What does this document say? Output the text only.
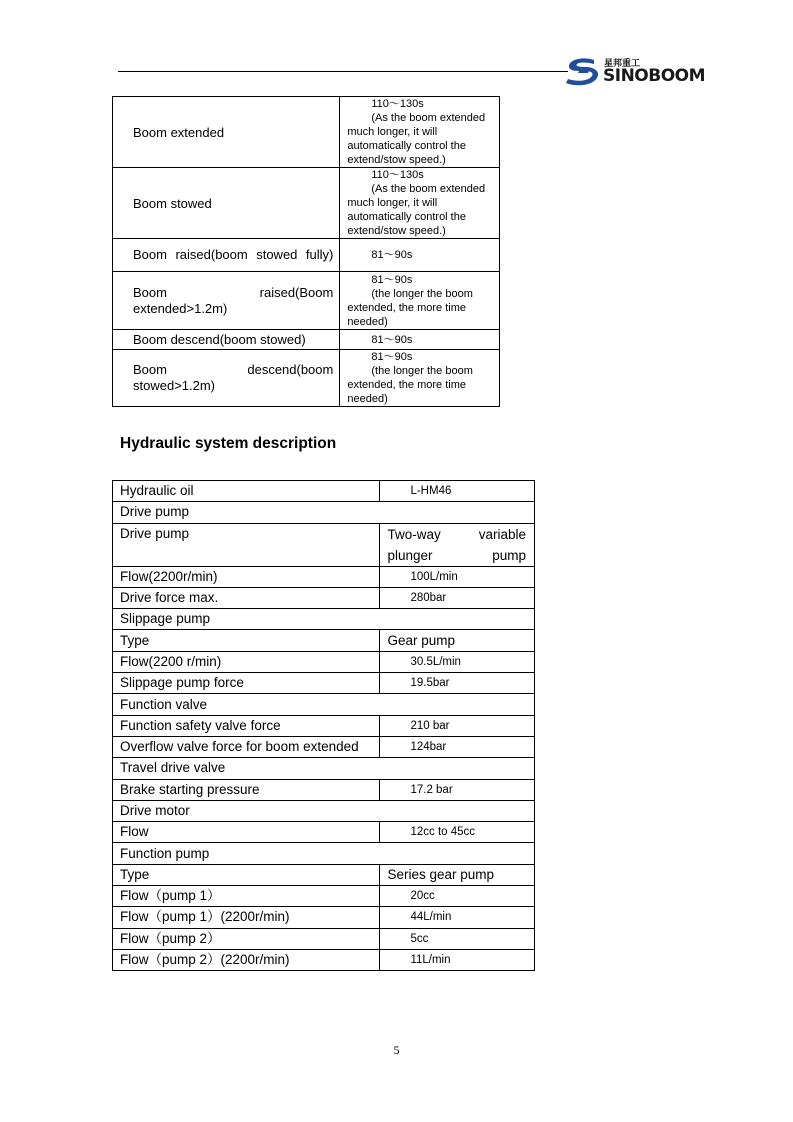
星邦重工
SINOBOOM
Boom extended	110～130s
(As the boom extended much longer, it will automatically control the extend/stow speed.)

Boom stowed	110～130s
(As the boom extended much longer, it will automatically control the extend/stow speed.)

Boom raised(boom stowed fully)	81～90s

Boom raised(Boom extended>1.2m)	81～90s
(the longer the boom extended, the more time needed)

Boom descend(boom stowed)	81～90s

Boom descend(boom stowed>1.2m)	81～90s
(the longer the boom extended, the more time needed)
Hydraulic system description
Hydraulic oil	L-HM46
Drive pump	
Drive pump	Two-way variable plunger pump

Flow(2200r/min)	100L/min
Drive force max.	280bar
Slippage pump	
Type	Gear pump
Flow(2200 r/min)	30.5L/min
Slippage pump force	19.5bar
Function valve	
Function safety valve force	210 bar
Overflow valve force for boom extended	124bar
Travel drive valve	
Brake starting pressure	17.2 bar
Drive motor	
Flow	12cc to 45cc
Function pump	
Type	Series gear pump
Flow（pump 1）	20cc
Flow（pump 1）(2200r/min)	44L/min
Flow（pump 2）	5cc
Flow（pump 2）(2200r/min)	11L/min
5
